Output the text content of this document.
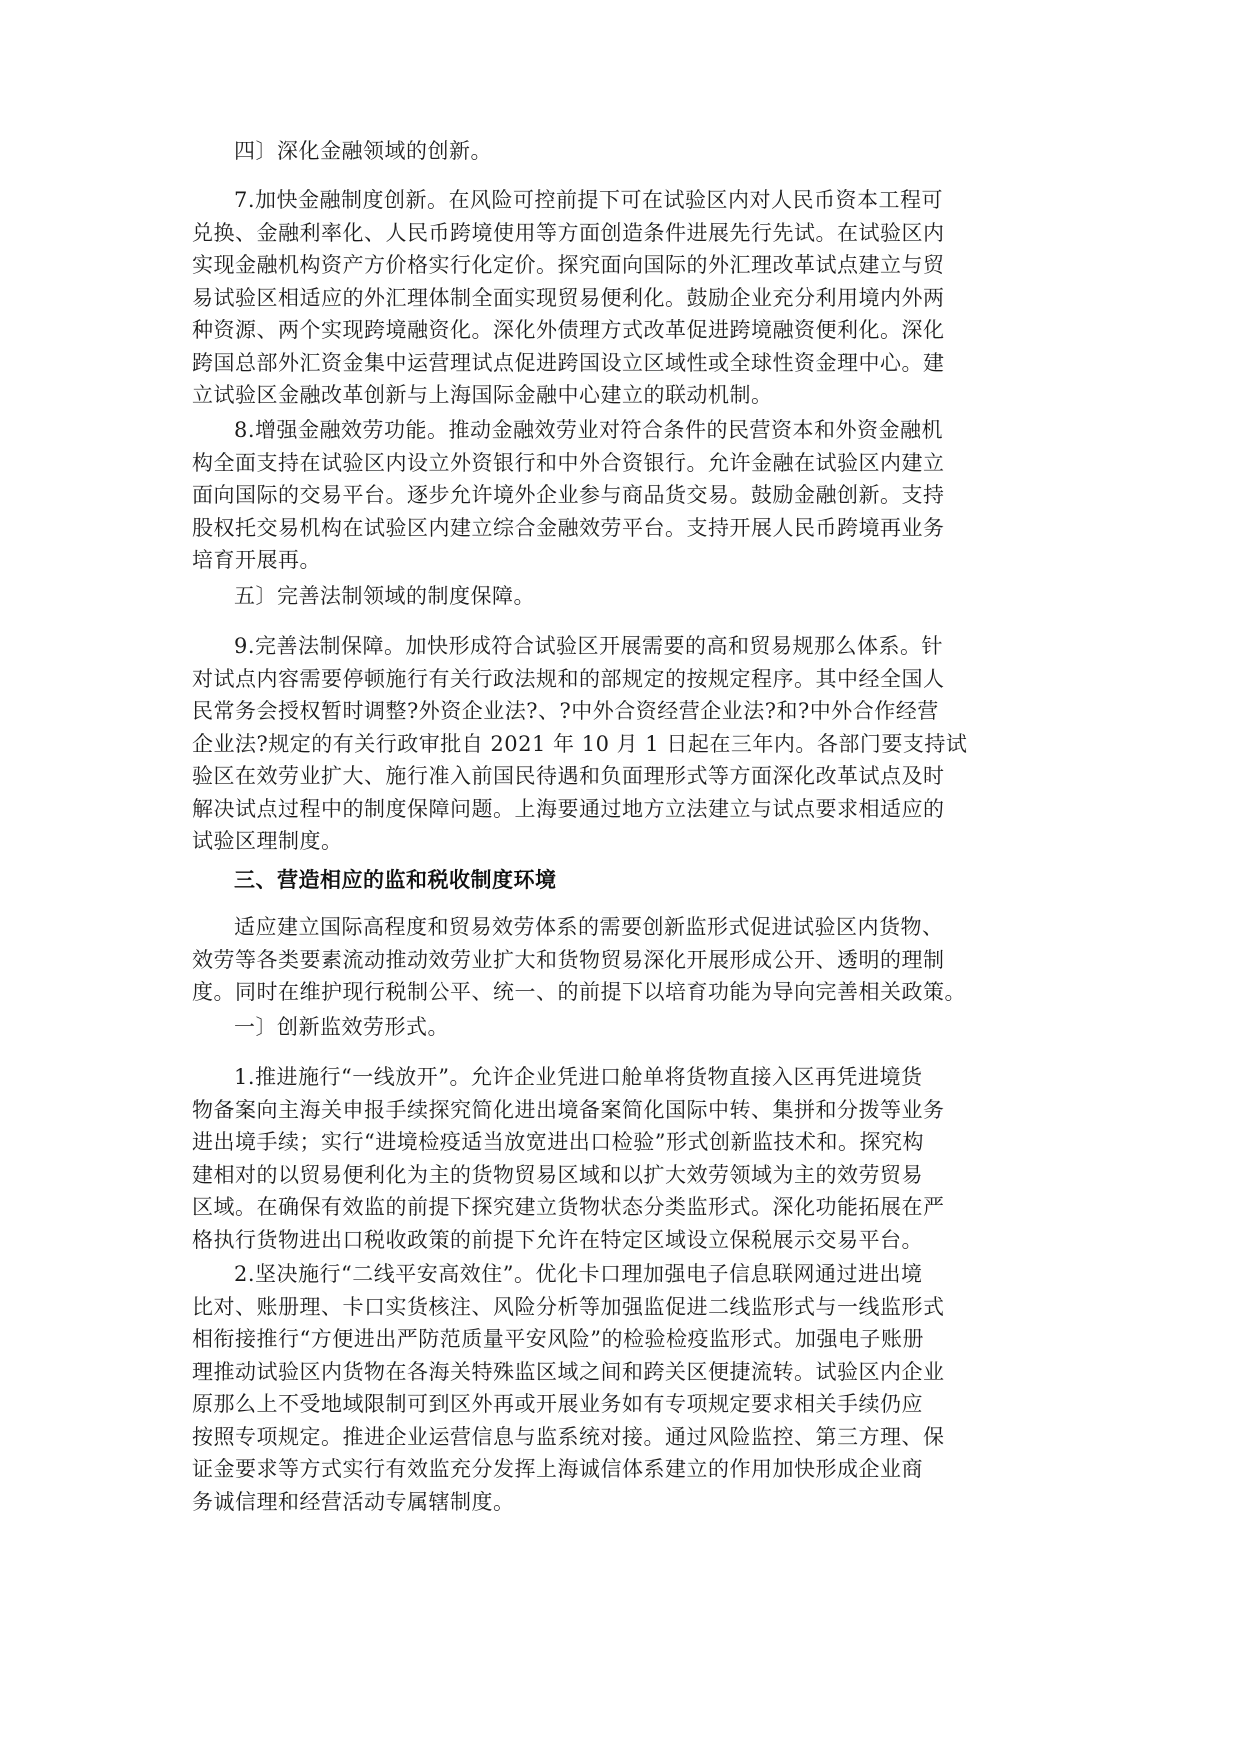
四〕深化金融领域的创新。

7.加快金融制度创新。在风险可控前提下可在试验区内对人民币资本工程可
兑换、金融利率化、人民币跨境使用等方面创造条件进展先行先试。在试验区内
实现金融机构资产方价格实行化定价。探究面向国际的外汇理改革试点建立与贸
易试验区相适应的外汇理体制全面实现贸易便利化。鼓励企业充分利用境内外两
种资源、两个实现跨境融资化。深化外债理方式改革促进跨境融资便利化。深化
跨国总部外汇资金集中运营理试点促进跨国设立区域性或全球性资金理中心。建
立试验区金融改革创新与上海国际金融中心建立的联动机制。

8.增强金融效劳功能。推动金融效劳业对符合条件的民营资本和外资金融机
构全面支持在试验区内设立外资银行和中外合资银行。允许金融在试验区内建立
面向国际的交易平台。逐步允许境外企业参与商品货交易。鼓励金融创新。支持
股权托交易机构在试验区内建立综合金融效劳平台。支持开展人民币跨境再业务
培育开展再。

五〕完善法制领域的制度保障。

9.完善法制保障。加快形成符合试验区开展需要的高和贸易规那么体系。针
对试点内容需要停顿施行有关行政法规和的部规定的按规定程序。其中经全国人
民常务会授权暂时调整?外资企业法?、?中外合资经营企业法?和?中外合作经营
企业法?规定的有关行政审批自 2021 年 10 月 1 日起在三年内。各部门要支持试
验区在效劳业扩大、施行准入前国民待遇和负面理形式等方面深化改革试点及时
解决试点过程中的制度保障问题。上海要通过地方立法建立与试点要求相适应的
试验区理制度。

三、营造相应的监和税收制度环境

适应建立国际高程度和贸易效劳体系的需要创新监形式促进试验区内货物、
效劳等各类要素流动推动效劳业扩大和货物贸易深化开展形成公开、透明的理制
度。同时在维护现行税制公平、统一、的前提下以培育功能为导向完善相关政策。

一〕创新监效劳形式。

1.推进施行“一线放开”。允许企业凭进口舱单将货物直接入区再凭进境货
物备案向主海关申报手续探究简化进出境备案简化国际中转、集拼和分拨等业务
进出境手续；实行“进境检疫适当放宽进出口检验”形式创新监技术和。探究构
建相对的以贸易便利化为主的货物贸易区域和以扩大效劳领域为主的效劳贸易
区域。在确保有效监的前提下探究建立货物状态分类监形式。深化功能拓展在严
格执行货物进出口税收政策的前提下允许在特定区域设立保税展示交易平台。

2.坚决施行“二线平安高效住”。优化卡口理加强电子信息联网通过进出境
比对、账册理、卡口实货核注、风险分析等加强监促进二线监形式与一线监形式
相衔接推行“方便进出严防范质量平安风险”的检验检疫监形式。加强电子账册
理推动试验区内货物在各海关特殊监区域之间和跨关区便捷流转。试验区内企业
原那么上不受地域限制可到区外再或开展业务如有专项规定要求相关手续仍应
按照专项规定。推进企业运营信息与监系统对接。通过风险监控、第三方理、保
证金要求等方式实行有效监充分发挥上海诚信体系建立的作用加快形成企业商
务诚信理和经营活动专属辖制度。
